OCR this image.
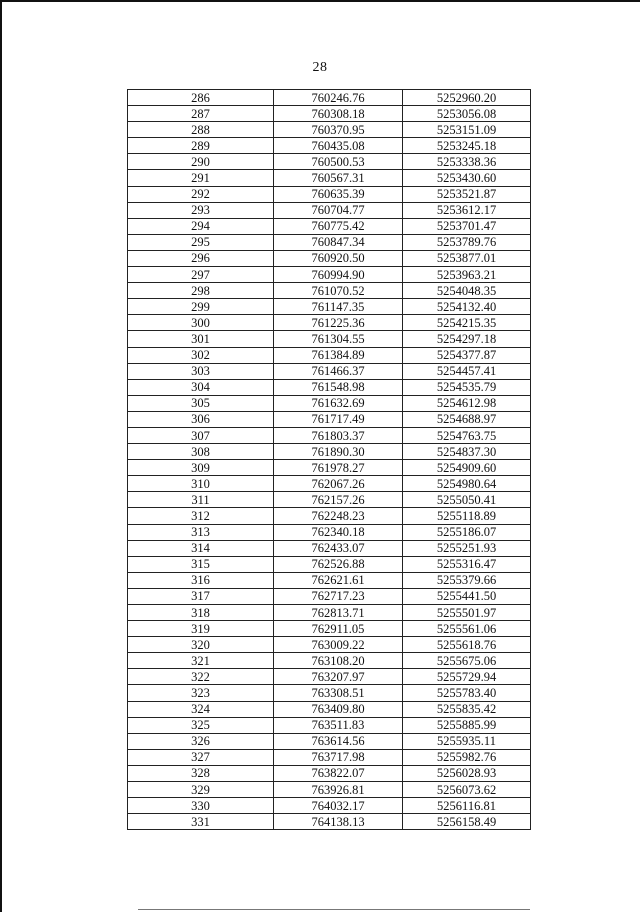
28
286	760246.76	5252960.20
287	760308.18	5253056.08
288	760370.95	5253151.09
289	760435.08	5253245.18
290	760500.53	5253338.36
291	760567.31	5253430.60
292	760635.39	5253521.87
293	760704.77	5253612.17
294	760775.42	5253701.47
295	760847.34	5253789.76
296	760920.50	5253877.01
297	760994.90	5253963.21
298	761070.52	5254048.35
299	761147.35	5254132.40
300	761225.36	5254215.35
301	761304.55	5254297.18
302	761384.89	5254377.87
303	761466.37	5254457.41
304	761548.98	5254535.79
305	761632.69	5254612.98
306	761717.49	5254688.97
307	761803.37	5254763.75
308	761890.30	5254837.30
309	761978.27	5254909.60
310	762067.26	5254980.64
311	762157.26	5255050.41
312	762248.23	5255118.89
313	762340.18	5255186.07
314	762433.07	5255251.93
315	762526.88	5255316.47
316	762621.61	5255379.66
317	762717.23	5255441.50
318	762813.71	5255501.97
319	762911.05	5255561.06
320	763009.22	5255618.76
321	763108.20	5255675.06
322	763207.97	5255729.94
323	763308.51	5255783.40
324	763409.80	5255835.42
325	763511.83	5255885.99
326	763614.56	5255935.11
327	763717.98	5255982.76
328	763822.07	5256028.93
329	763926.81	5256073.62
330	764032.17	5256116.81
331	764138.13	5256158.49
